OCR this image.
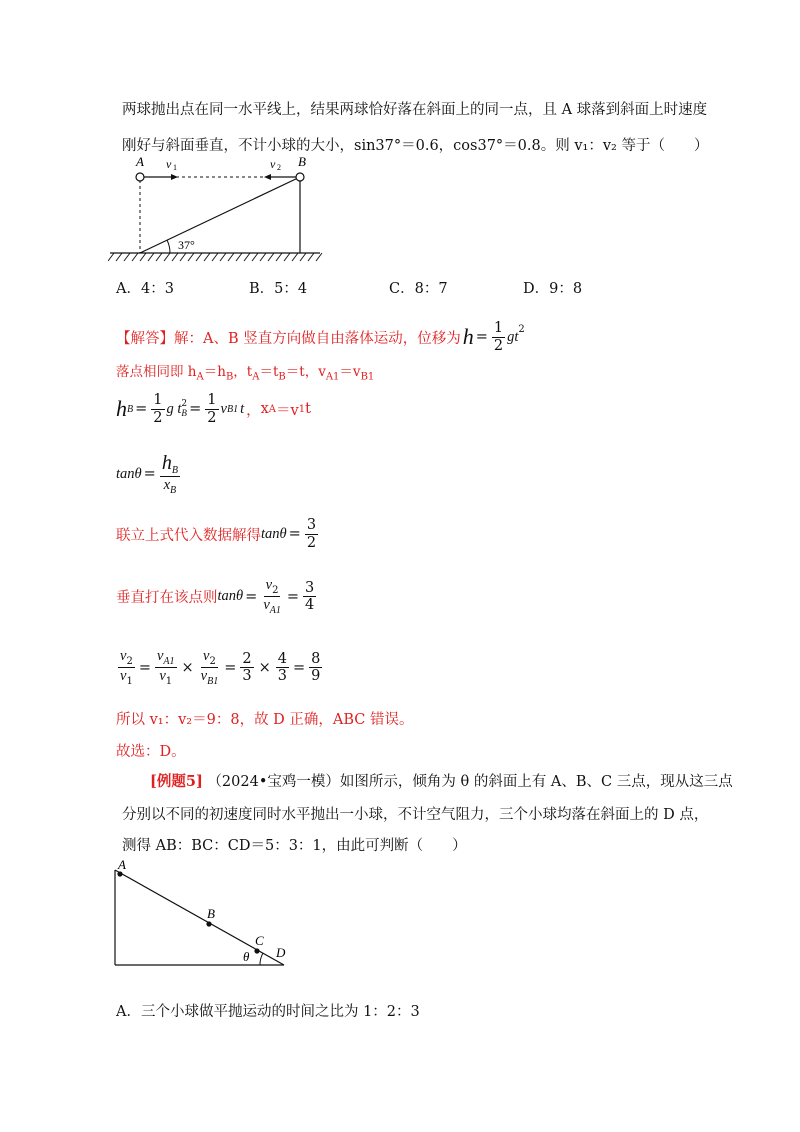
两球抛出点在同一水平线上，结果两球恰好落在斜面上的同一点，且 A 球落到斜面上时速度
刚好与斜面垂直，不计小球的大小，sin37°＝0.6，cos37°＝0.8。则 v₁：v₂ 等于（　　）
A	B
v 1	v 2
37°
A．4：3	B．5：4	C．8：7	D．9：8
【解答】 解：A、B 竖直方向做自由落体运动，位移为 $h = \frac{1}{2} gt^2$
落点相同即 $h_A=h_B$，$t_A=t_B=t$，$v_{A1}=v_{B1}$
h $B = \frac{1}{2}$ g t 2
$B = \frac{1}{2}$ v B1 t ， x A ＝v 1 t
$\tan \theta = \frac{h_B}{x_B}$
联立上式代入数据解得 $\tan\theta = \frac{3}{2}$
垂直打在该点则 $\tan\theta = \frac{v_2}{v_{A1}} = \frac{3}{4}$
$\frac{v_2}{v_1} = \frac{v_{A1}}{v_1} \times \frac{v_2}{v_{B1}} = \frac{2}{3} \times \frac{4}{3} = \frac{8}{9}$
所以 v₁：v₂＝9：8，故 D 正确，ABC 错误。
故选：D。
[例题5] （2024•宝鸡一模）如图所示，倾角为 θ 的斜面上有 A、B、C 三点，现从这三点
分别以不同的初速度同时水平抛出一小球，不计空气阻力，三个小球均落在斜面上的 D 点，
测得 AB：BC：CD＝5：3：1，由此可判断（　　）
A
B
C
D
θ
A．三个小球做平抛运动的时间之比为 1：2：3
